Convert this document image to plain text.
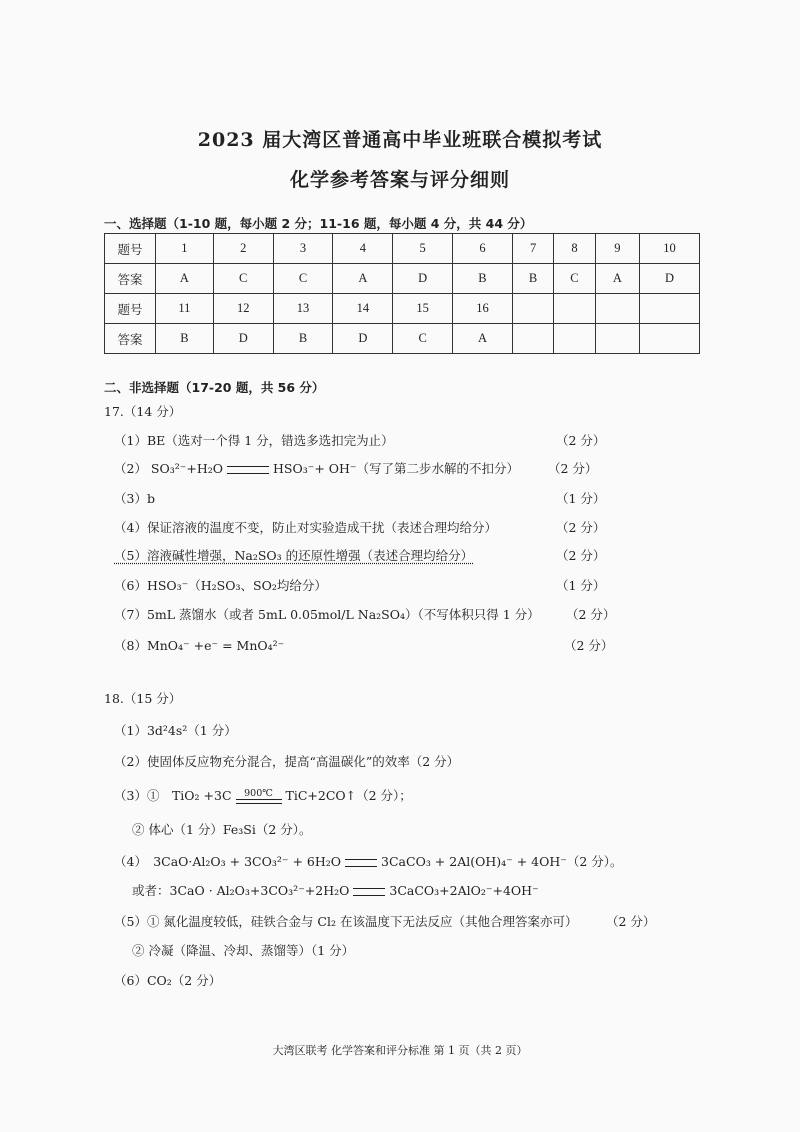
2023 届大湾区普通高中毕业班联合模拟考试
化学参考答案与评分细则
一、选择题（1-10 题，每小题 2 分；11-16 题，每小题 4 分，共 44 分）
题号	1	2	3	4	5	6	7	8	9	10
答案	A	C	C	A	D	B	B	C	A	D
题号	11	12	13	14	15	16				
答案	B	D	B	D	C	A				
二、非选择题（17-20 题，共 56 分）
17.（14 分）
（1）BE（选对一个得 1 分，错选多选扣完为止）	（2 分）
（2） SO₃²⁻+H₂O	HSO₃⁻+ OH⁻（写了第二步水解的不扣分） （2 分）
（3）b	（1 分）
（4）保证溶液的温度不变，防止对实验造成干扰（表述合理均给分）	（2 分）
（5）溶液碱性增强，Na₂SO₃ 的还原性增强（表述合理均给分）	（2 分）
（6）HSO₃⁻（H₂SO₃、SO₂均给分）	（1 分）
（7）5mL 蒸馏水（或者 5mL 0.05mol/L Na₂SO₄）（不写体积只得 1 分） （2 分）
（8）MnO₄⁻ +e⁻ = MnO₄²⁻	（2 分）
18.（15 分）
（1）3d²4s²（1 分）
（2）使固体反应物充分混合，提高“高温碳化”的效率（2 分）
（3）①　TiO₂ +3C	900℃	TiC+2CO↑（2 分）；
② 体心（1 分）Fe₃Si（2 分）。
（4）　3CaO·Al₂O₃ + 3CO₃²⁻ + 6H₂O	3CaCO₃ + 2Al(OH)₄⁻ + 4OH⁻（2 分）。
或者：3CaO · Al₂O₃+3CO₃²⁻+2H₂O	3CaCO₃+2AlO₂⁻+4OH⁻
（5）① 氮化温度较低，硅铁合金与 Cl₂ 在该温度下无法反应（其他合理答案亦可） （2 分）
② 冷凝（降温、冷却、蒸馏等）（1 分）
（6）CO₂（2 分）
大湾区联考 化学答案和评分标准 第 1 页（共 2 页）
